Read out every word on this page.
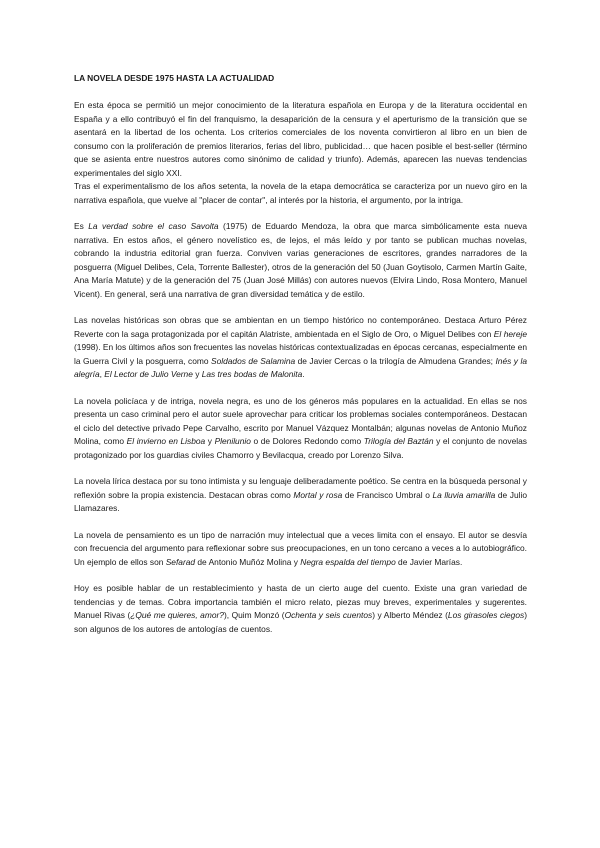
LA NOVELA DESDE 1975 HASTA LA ACTUALIDAD

En esta época se permitió un mejor conocimiento de la literatura española en Europa y de la literatura occidental en España y a ello contribuyó el fin del franquismo, la desaparición de la censura y el aperturismo de la transición que se asentará en la libertad de los ochenta. Los criterios comerciales de los noventa convirtieron al libro en un bien de consumo con la proliferación de premios literarios, ferias del libro, publicidad… que hacen posible el best-seller (término que se asienta entre nuestros autores como sinónimo de calidad y triunfo). Además, aparecen las nuevas tendencias experimentales del siglo XXI.

Tras el experimentalismo de los años setenta, la novela de la etapa democrática se caracteriza por un nuevo giro en la narrativa española, que vuelve al "placer de contar", al interés por la historia, el argumento, por la intriga.

Es La verdad sobre el caso Savolta (1975) de Eduardo Mendoza, la obra que marca simbólicamente esta nueva narrativa. En estos años, el género novelístico es, de lejos, el más leído y por tanto se publican muchas novelas, cobrando la industria editorial gran fuerza. Conviven varias generaciones de escritores, grandes narradores de la posguerra (Miguel Delibes, Cela, Torrente Ballester), otros de la generación del 50 (Juan Goytisolo, Carmen Martín Gaite, Ana María Matute) y de la generación del 75 (Juan José Millás) con autores nuevos (Elvira Lindo, Rosa Montero, Manuel Vicent). En general, será una narrativa de gran diversidad temática y de estilo.

Las novelas históricas son obras que se ambientan en un tiempo histórico no contemporáneo. Destaca Arturo Pérez Reverte con la saga protagonizada por el capitán Alatriste, ambientada en el Siglo de Oro, o Miguel Delibes con El hereje (1998). En los últimos años son frecuentes las novelas históricas contextualizadas en épocas cercanas, especialmente en la Guerra Civil y la posguerra, como Soldados de Salamina de Javier Cercas o la trilogía de Almudena Grandes; Inés y la alegría, El Lector de Julio Verne y Las tres bodas de Malonita.

La novela policíaca y de intriga, novela negra, es uno de los géneros más populares en la actualidad. En ellas se nos presenta un caso criminal pero el autor suele aprovechar para criticar los problemas sociales contemporáneos. Destacan el ciclo del detective privado Pepe Carvalho, escrito por Manuel Vázquez Montalbán; algunas novelas de Antonio Muñoz Molina, como El invierno en Lisboa y Plenilunio o de Dolores Redondo como Trilogía del Baztán y el conjunto de novelas protagonizado por los guardias civiles Chamorro y Bevilacqua, creado por Lorenzo Silva.

La novela lírica destaca por su tono intimista y su lenguaje deliberadamente poético. Se centra en la búsqueda personal y reflexión sobre la propia existencia. Destacan obras como Mortal y rosa de Francisco Umbral o La lluvia amarilla de Julio Llamazares.

La novela de pensamiento es un tipo de narración muy intelectual que a veces limita con el ensayo. El autor se desvía con frecuencia del argumento para reflexionar sobre sus preocupaciones, en un tono cercano a veces a lo autobiográfico. Un ejemplo de ellos son Sefarad de Antonio Muñóz Molina y Negra espalda del tiempo de Javier Marías.

Hoy es posible hablar de un restablecimiento y hasta de un cierto auge del cuento. Existe una gran variedad de tendencias y de temas. Cobra importancia también el micro relato, piezas muy breves, experimentales y sugerentes. Manuel Rivas (¿Qué me quieres, amor?), Quim Monzó (Ochenta y seis cuentos) y Alberto Méndez (Los girasoles ciegos) son algunos de los autores de antologías de cuentos.
